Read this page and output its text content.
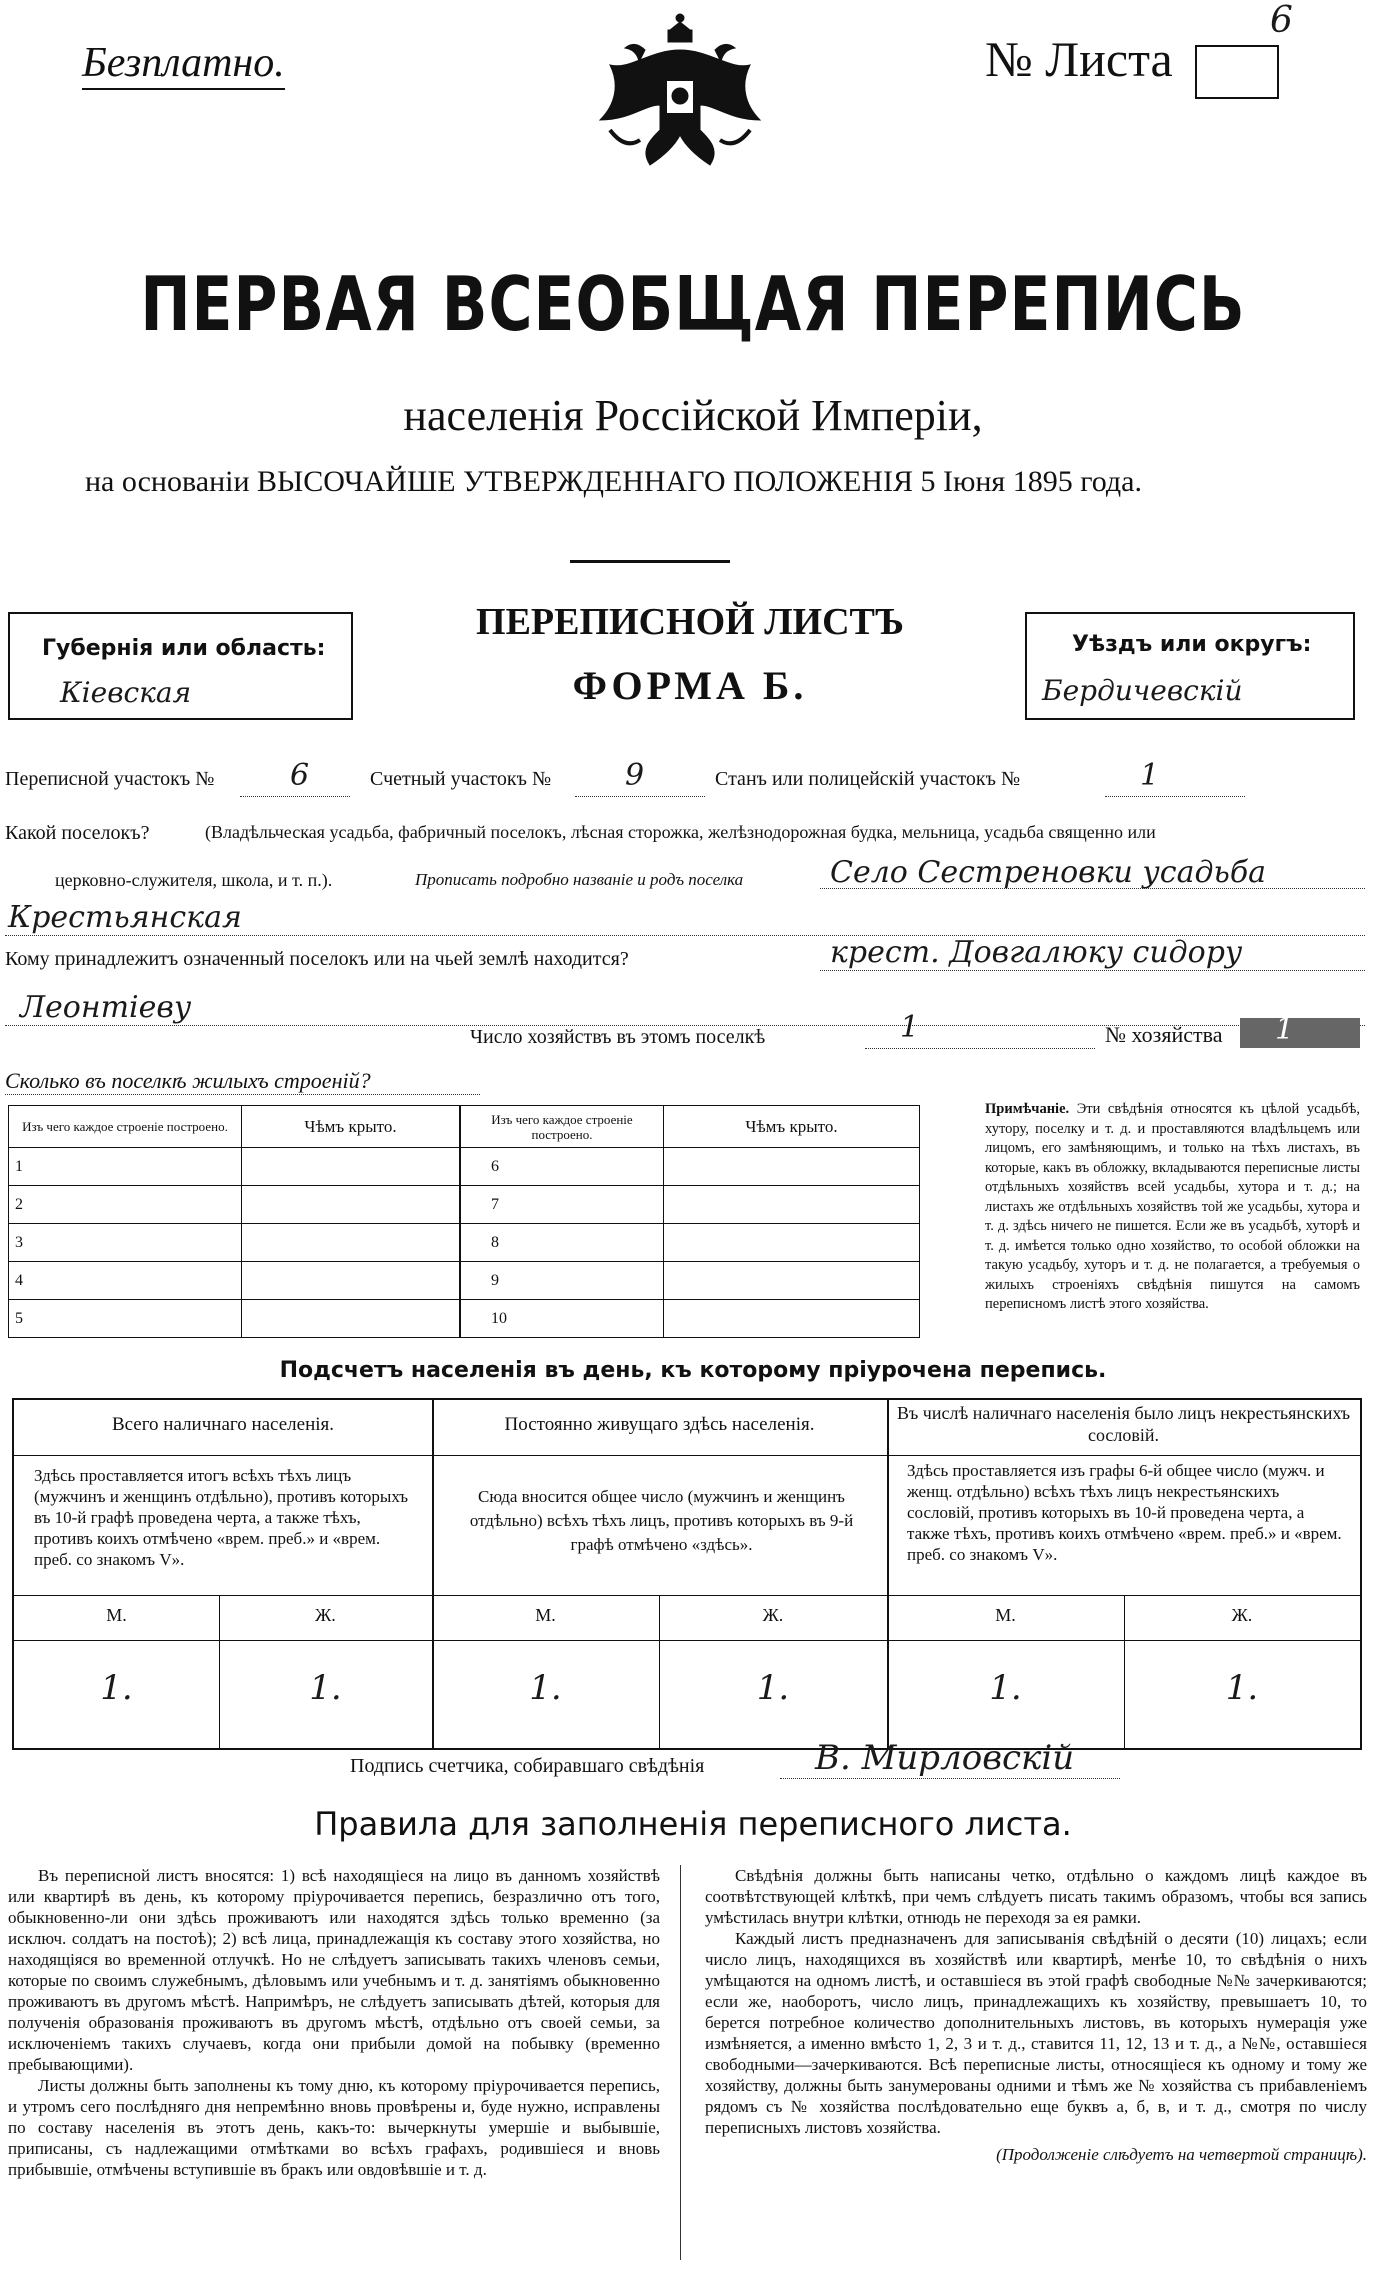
Безплатно.	№ Листа
6
ПЕРВАЯ ВСЕОБЩАЯ ПЕРЕПИСЬ
населенія Россійской Имперіи,
на основаніи ВЫСОЧАЙШЕ УТВЕРЖДЕННАГО ПОЛОЖЕНІЯ 5 Іюня 1895 года.
Губернія или область:
Кіевская
ПЕРЕПИСНОЙ ЛИСТЪ
ФОРМА Б.
Уѣздъ или округъ:
Бердичевскій
Переписной участокъ №	6	Счетный участокъ № 9	Станъ или полицейскій участокъ №	1
Какой поселокъ?	(Владѣльческая усадьба, фабричный поселокъ, лѣсная сторожка, желѣзнодорожная будка, мельница, усадьба священно или
церковно-служителя, школа, и т. п.).	Прописать подробно названіе и родъ поселка	Село Сестреновки усадьба
Крестьянская
Кому принадлежитъ означенный поселокъ или на чьей землѣ находится?	крест. Довгалюку сидору
Леонтіеву
Число хозяйствъ въ этомъ поселкѣ	1	№ хозяйства 1
Сколько въ поселкѣ жилыхъ строеній?
Изъ чего каждое строеніе построено.	Чѣмъ крыто.
1	
2	
3	
4	
5	
Изъ чего каждое строеніе построено.	Чѣмъ крыто.
6	
7	
8	
9	
10	
Примѣчаніе. Эти свѣдѣнія относятся къ цѣлой усадьбѣ, хутору, поселку и т. д. и проставляются владѣльцемъ или лицомъ, его замѣняющимъ, и только на тѣхъ листахъ, въ которые, какъ въ обложку, вкладываются переписные листы отдѣльныхъ хозяйствъ всей усадьбы, хутора и т. д.; на листахъ же отдѣльныхъ хозяйствъ той же усадьбы, хутора и т. д. здѣсь ничего не пишется. Если же въ усадьбѣ, хуторѣ и т. д. имѣется только одно хозяйство, то особой обложки на такую усадьбу, хуторъ и т. д. не полагается, а требуемыя о жилыхъ строеніяхъ свѣдѣнія пишутся на самомъ переписномъ листѣ этого хозяйства.
Подсчетъ населенія въ день, къ которому пріурочена перепись.
Всего наличнаго населенія.
Здѣсь проставляется итогъ всѣхъ тѣхъ лицъ (мужчинъ и женщинъ отдѣльно), противъ которыхъ въ 10-й графѣ проведена черта, а также тѣхъ, противъ коихъ отмѣчено «врем. преб.» и «врем. преб. со знакомъ V».
М.	Ж.
1.	1.
Постоянно живущаго здѣсь населенія.
Сюда вносится общее число (мужчинъ и женщинъ отдѣльно) всѣхъ тѣхъ лицъ, противъ которыхъ въ 9-й графѣ отмѣчено «здѣсь».
М.	Ж.
1.	1.
Въ числѣ наличнаго населенія было лицъ некрестьянскихъ сословій.
Здѣсь проставляется изъ графы 6-й общее число (мужч. и женщ. отдѣльно) всѣхъ тѣхъ лицъ некрестьянскихъ сословій, противъ которыхъ въ 10-й проведена черта, а также тѣхъ, противъ коихъ отмѣчено «врем. преб.» и «врем. преб. со знакомъ V».
М.	Ж.
1.	1.
Подпись счетчика, собиравшаго свѣдѣнія	В. Мирловскій
Правила для заполненія переписного листа.
Въ переписной листъ вносятся: 1) всѣ находящіеся на лицо въ данномъ хозяйствѣ или квартирѣ въ день, къ которому пріурочивается перепись, безразлично отъ того, обыкновенно-ли они здѣсь проживаютъ или находятся здѣсь только временно (за исключ. солдатъ на постоѣ); 2) всѣ лица, принадлежащія къ составу этого хозяйства, но находящіяся во временной отлучкѣ. Но не слѣдуетъ записывать такихъ членовъ семьи, которые по своимъ служебнымъ, дѣловымъ или учебнымъ и т. д. занятіямъ обыкновенно проживаютъ въ другомъ мѣстѣ. Напримѣръ, не слѣдуетъ записывать дѣтей, которыя для полученія образованія проживаютъ въ другомъ мѣстѣ, отдѣльно отъ своей семьи, за исключеніемъ такихъ случаевъ, когда они прибыли домой на побывку (временно пребывающими).
Листы должны быть заполнены къ тому дню, къ которому пріурочивается перепись, и утромъ сего послѣдняго дня непремѣнно вновь провѣрены и, буде нужно, исправлены по составу населенія въ этотъ день, какъ-то: вычеркнуты умершіе и выбывшіе, приписаны, съ надлежащими отмѣтками во всѣхъ графахъ, родившіеся и вновь прибывшіе, отмѣчены вступившіе въ бракъ или овдовѣвшіе и т. д.
Свѣдѣнія должны быть написаны четко, отдѣльно о каждомъ лицѣ каждое въ соотвѣтствующей клѣткѣ, при чемъ слѣдуетъ писать такимъ образомъ, чтобы вся запись умѣстилась внутри клѣтки, отнюдь не переходя за ея рамки.
Каждый листъ предназначенъ для записыванія свѣдѣній о десяти (10) лицахъ; если число лицъ, находящихся въ хозяйствѣ или квартирѣ, менѣе 10, то свѣдѣнія о нихъ умѣщаются на одномъ листѣ, и оставшіеся въ этой графѣ свободные №№ зачеркиваются; если же, наоборотъ, число лицъ, принадлежащихъ къ хозяйству, превышаетъ 10, то берется потребное количество дополнительныхъ листовъ, въ которыхъ нумерація уже измѣняется, а именно вмѣсто 1, 2, 3 и т. д., ставится 11, 12, 13 и т. д., а №№, оставшіеся свободными—зачеркиваются. Всѣ переписные листы, относящіеся къ одному и тому же хозяйству, должны быть занумерованы одними и тѣмъ же № хозяйства съ прибавленіемъ рядомъ съ № хозяйства послѣдовательно еще буквъ а, б, в, и т. д., смотря по числу переписныхъ листовъ хозяйства.
(Продолженіе слѣдуетъ на четвертой страницѣ).
